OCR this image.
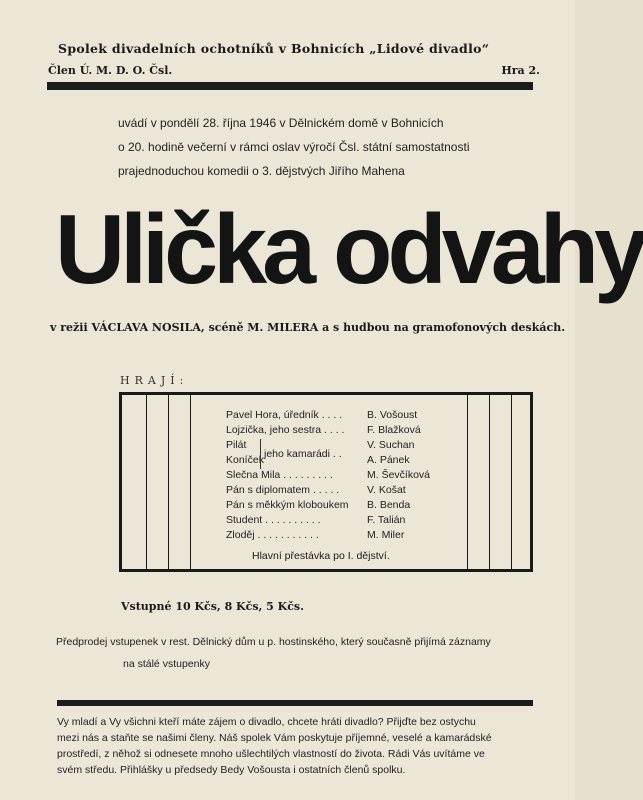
Spolek divadelních ochotníků v Bohnicích „Lidové divadlo“
Člen Ú. M. D. O. Čsl.	Hra 2.
uvádí v pondělí 28. října 1946 v Dělnickém domě v Bohnicích
o 20. hodině večerní v rámci oslav výročí Čsl. státní samostatnosti
prajednoduchou komedii o 3. dějstvých Jiřího Mahena
Ulička odvahy
v režii VÁCLAVA NOSILA, scéně M. MILERA a s hudbou na gramofonových deskách.
HRAJÍ:
Pavel Hora, úředník . . . . B. Vošoust
Lojzička, jeho sestra . . . . F. Blažková
Pilát	V. Suchan
Koníček jeho kamarádi . . A. Pánek
Slečna Mila . . . . . . . . .	M. Ševčíková
Pán s diplomatem . . . . .	V. Košat
Pán s měkkým kloboukem B. Benda
Student . . . . . . . . . .	F. Talián
Zloděj . . . . . . . . . . .	M. Miler
Hlavní přestávka po I. dějství.
Vstupné 10 Kčs, 8 Kčs, 5 Kčs.
Předprodej vstupenek v rest. Dělnický dům u p. hostinského, který současně přijímá záznamy
na stálé vstupenky
Vy mladí a Vy všichni kteří máte zájem o divadlo, chcete hráti divadlo? Přijďte bez ostychu
mezi nás a staňte se našimi členy. Náš spolek Vám poskytuje příjemné, veselé a kamarádské
prostředí, z něhož si odnesete mnoho ušlechtilých vlastností do života. Rádi Vás uvítáme ve
svém středu. Přihlášky u předsedy Bedy Vošousta i ostatních členů spolku.
